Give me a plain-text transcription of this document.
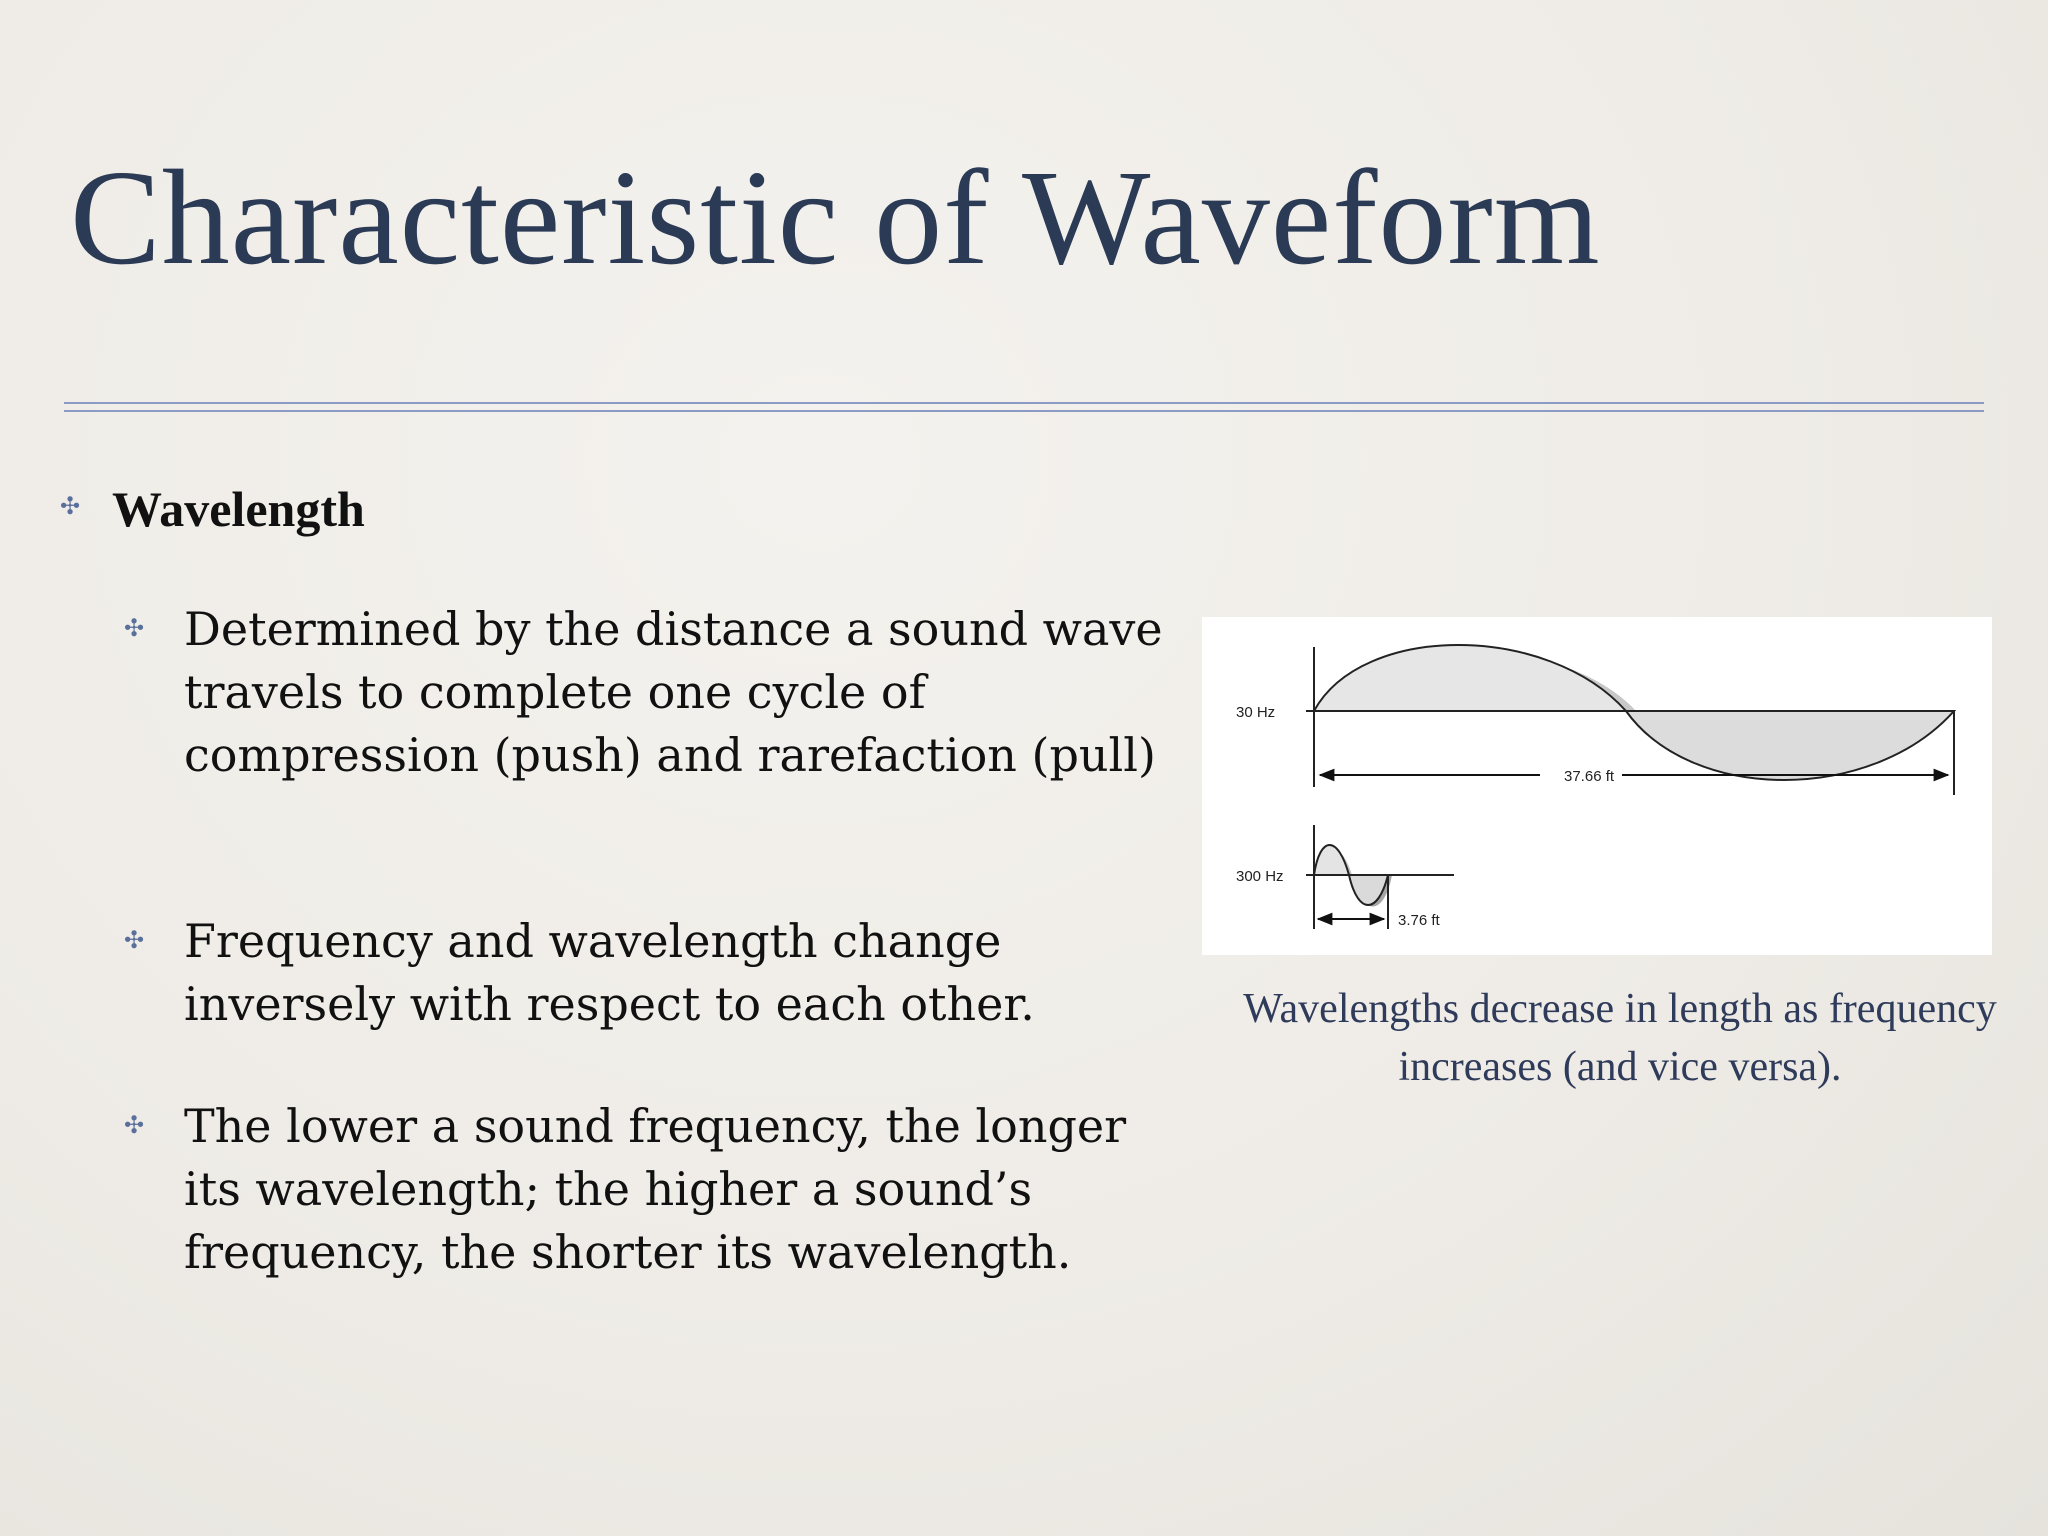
Characteristic of Waveform
✣ Wavelength
✣ Determined by the distance a sound wave travels to complete one cycle of compression (push) and rarefaction (pull)
✣ Frequency and wavelength change inversely with respect to each other.
✣ The lower a sound frequency, the longer its wavelength; the higher a sound’s frequency, the shorter its wavelength.
30 Hz
37.66 ft
300 Hz
3.76 ft
Wavelengths decrease in length as frequency increases (and vice versa).
